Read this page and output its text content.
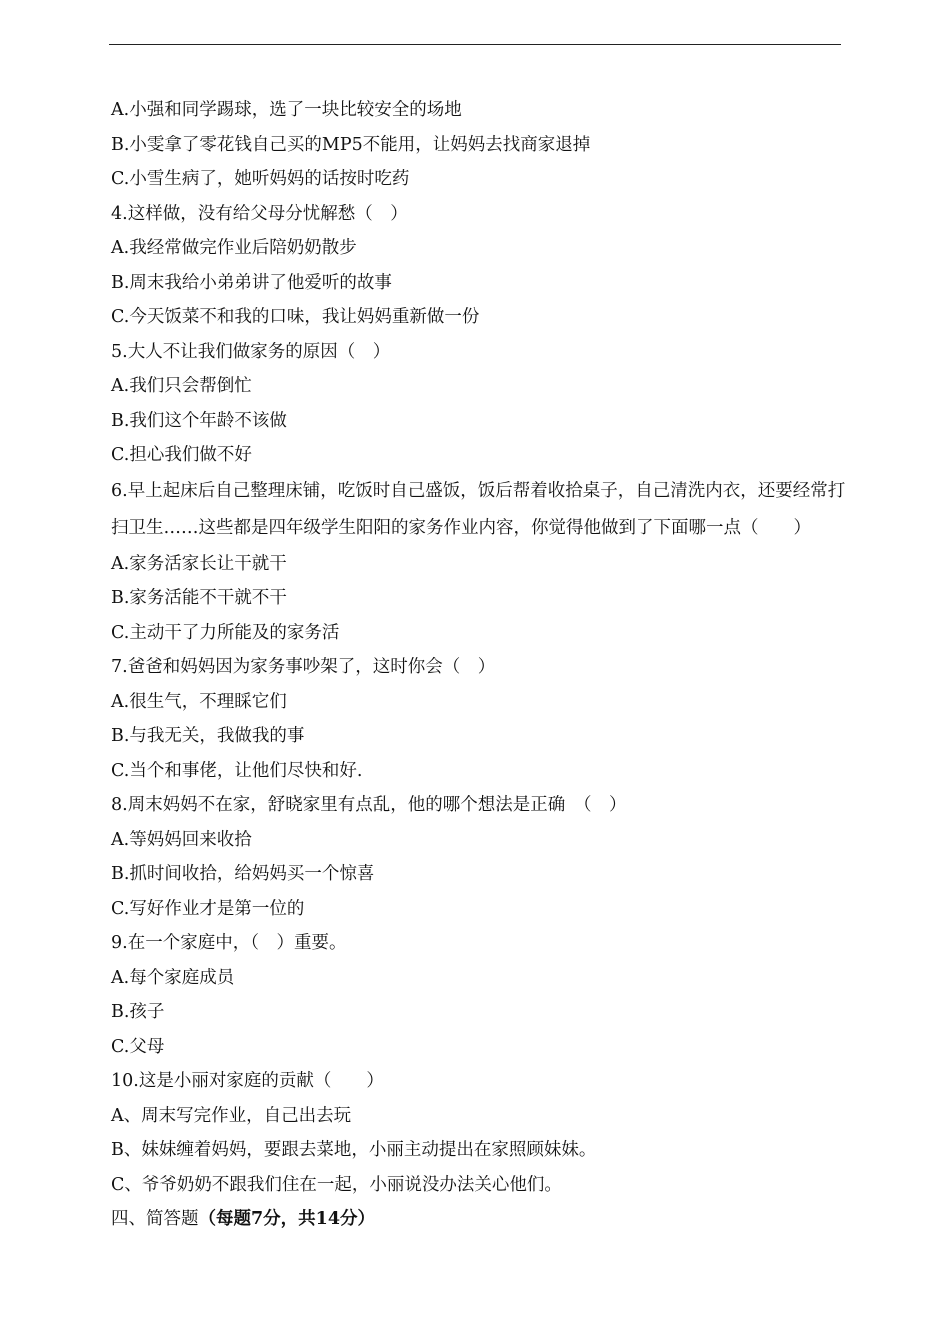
A.小强和同学踢球，选了一块比较安全的场地
B.小雯拿了零花钱自己买的MP5不能用，让妈妈去找商家退掉
C.小雪生病了，她听妈妈的话按时吃药
4.这样做，没有给父母分忧解愁（　）
A.我经常做完作业后陪奶奶散步
B.周末我给小弟弟讲了他爱听的故事
C.今天饭菜不和我的口味，我让妈妈重新做一份
5.大人不让我们做家务的原因（　）
A.我们只会帮倒忙
B.我们这个年龄不该做
C.担心我们做不好

6.早上起床后自己整理床铺，吃饭时自己盛饭，饭后帮着收拾桌子，自己清洗内衣，还要经常打扫卫生……这些都是四年级学生阳阳的家务作业内容，你觉得他做到了下面哪一点（　　）

A.家务活家长让干就干
B.家务活能不干就不干
C.主动干了力所能及的家务活
7.爸爸和妈妈因为家务事吵架了，这时你会（　）
A.很生气，不理睬它们
B.与我无关，我做我的事
C.当个和事佬，让他们尽快和好.
8.周末妈妈不在家，舒晓家里有点乱，他的哪个想法是正确　（　）
A.等妈妈回来收拾
B.抓时间收拾，给妈妈买一个惊喜
C.写好作业才是第一位的
9.在一个家庭中，（　）重要。
A.每个家庭成员
B.孩子
C.父母
10.这是小丽对家庭的贡献（　　）
A、周末写完作业，自己出去玩
B、妹妹缠着妈妈，要跟去菜地，小丽主动提出在家照顾妹妹。
C、爷爷奶奶不跟我们住在一起，小丽说没办法关心他们。
四、简答题（每题7分，共14分）
